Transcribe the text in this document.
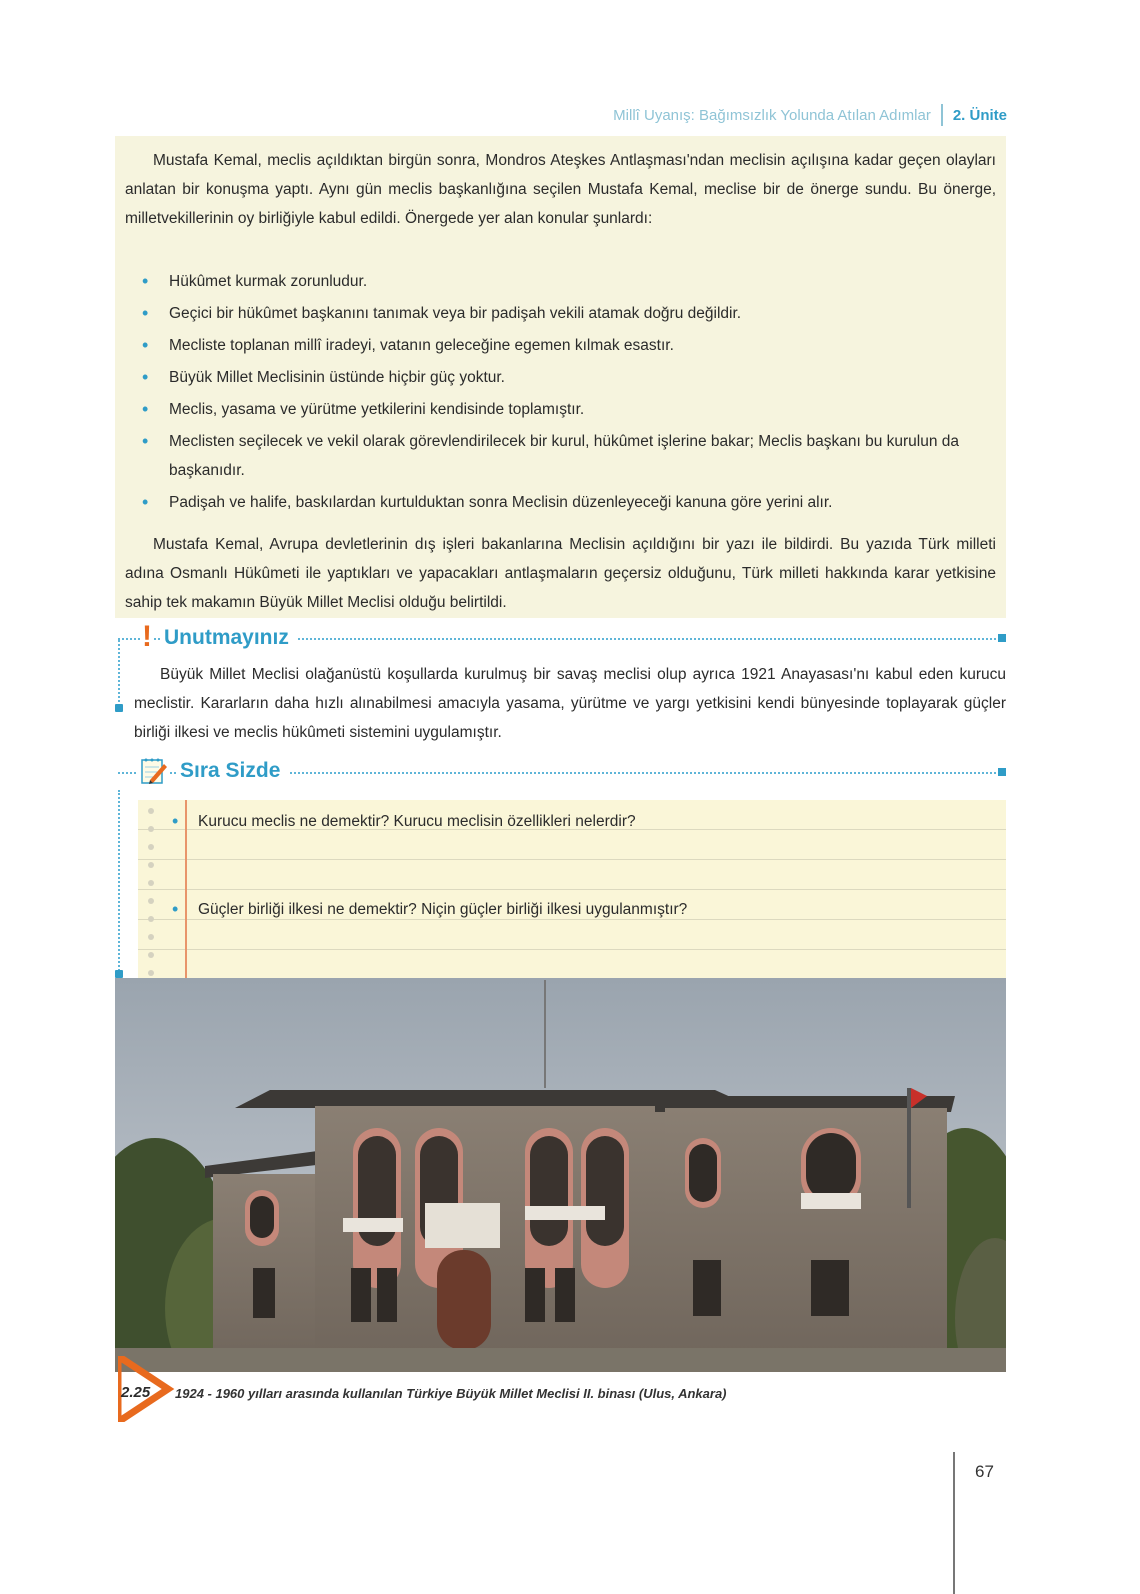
Millî Uyanış: Bağımsızlık Yolunda Atılan Adımlar 2. Ünite

Mustafa Kemal, meclis açıldıktan birgün sonra, Mondros Ateşkes Antlaşması'ndan meclisin açılışına kadar geçen olayları anlatan bir konuşma yaptı. Aynı gün meclis başkanlığına seçilen Mustafa Kemal, meclise bir de önerge sundu. Bu önerge, milletvekillerinin oy birliğiyle kabul edildi. Önergede yer alan konular şunlardı:

• Hükûmet kurmak zorunludur.
• Geçici bir hükûmet başkanını tanımak veya bir padişah vekili atamak doğru değildir.
• Mecliste toplanan millî iradeyi, vatanın geleceğine egemen kılmak esastır.
• Büyük Millet Meclisinin üstünde hiçbir güç yoktur.
• Meclis, yasama ve yürütme yetkilerini kendisinde toplamıştır.
• Meclisten seçilecek ve vekil olarak görevlendirilecek bir kurul, hükûmet işlerine bakar; Meclis başkanı bu kurulun da başkanıdır.
• Padişah ve halife, baskılardan kurtulduktan sonra Meclisin düzenleyeceği kanuna göre yerini alır.

Mustafa Kemal, Avrupa devletlerinin dış işleri bakanlarına Meclisin açıldığını bir yazı ile bildirdi. Bu yazıda Türk milleti adına Osmanlı Hükûmeti ile yaptıkları ve yapacakları antlaşmaların geçersiz olduğunu, Türk milleti hakkında karar yetkisine sahip tek makamın Büyük Millet Meclisi olduğu belirtildi.

! Unutmayınız
Büyük Millet Meclisi olağanüstü koşullarda kurulmuş bir savaş meclisi olup ayrıca 1921 Anayasası'nı kabul eden kurucu meclistir. Kararların daha hızlı alınabilmesi amacıyla yasama, yürütme ve yargı yetkisini kendi bünyesinde toplayarak güçler birliği ilkesi ve meclis hükûmeti sistemini uygulamıştır.
Sıra Sizde
• Kurucu meclis ne demektir? Kurucu meclisin özellikleri nelerdir?
• Güçler birliği ilkesi ne demektir? Niçin güçler birliği ilkesi uygulanmıştır?
2.25 1924 - 1960 yılları arasında kullanılan Türkiye Büyük Millet Meclisi II. binası (Ulus, Ankara)
67
